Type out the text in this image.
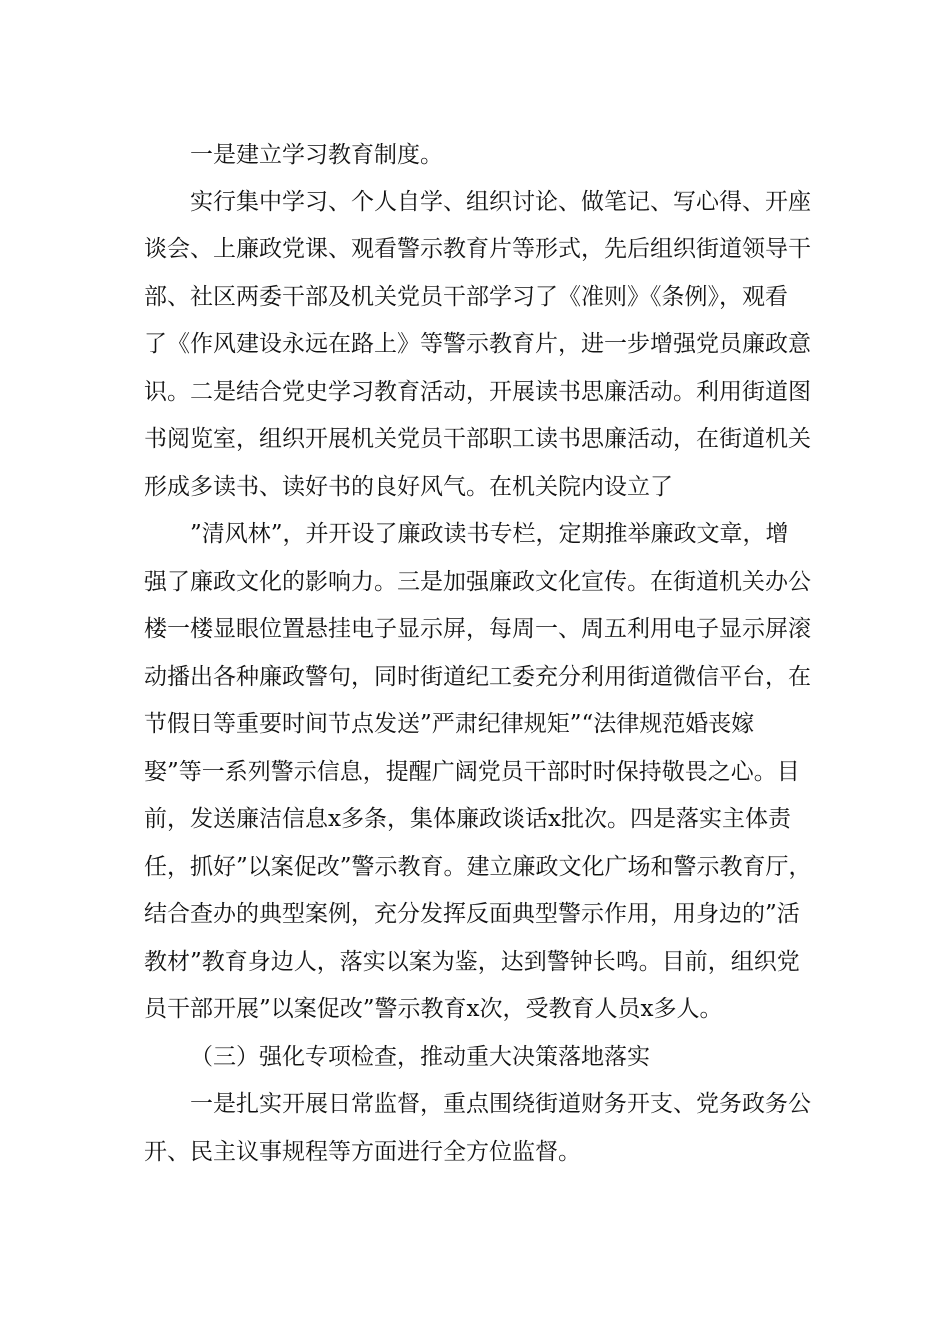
一是建立学习教育制度。
实行集中学习、个人自学、组织讨论、做笔记、写心得、开座
谈会、上廉政党课、观看警示教育片等形式，先后组织街道领导干
部、社区两委干部及机关党员干部学习了《准则》《条例》，观看
了《作风建设永远在路上》等警示教育片，进一步增强党员廉政意
识。二是结合党史学习教育活动，开展读书思廉活动。利用街道图
书阅览室，组织开展机关党员干部职工读书思廉活动，在街道机关
形成多读书、读好书的良好风气。在机关院内设立了
”清风林”，并开设了廉政读书专栏，定期推举廉政文章，增
强了廉政文化的影响力。三是加强廉政文化宣传。在街道机关办公
楼一楼显眼位置悬挂电子显示屏，每周一、周五利用电子显示屏滚
动播出各种廉政警句，同时街道纪工委充分利用街道微信平台，在
节假日等重要时间节点发送”严肃纪律规矩”“法律规范婚丧嫁
娶”等一系列警示信息，提醒广阔党员干部时时保持敬畏之心。目
前，发送廉洁信息x多条，集体廉政谈话x批次。四是落实主体责
任，抓好”以案促改”警示教育。建立廉政文化广场和警示教育厅，
结合查办的典型案例，充分发挥反面典型警示作用，用身边的”活
教材”教育身边人，落实以案为鉴，达到警钟长鸣。目前，组织党
员干部开展”以案促改”警示教育x次，受教育人员x多人。
（三）强化专项检查，推动重大决策落地落实
一是扎实开展日常监督，重点围绕街道财务开支、党务政务公
开、民主议事规程等方面进行全方位监督。
